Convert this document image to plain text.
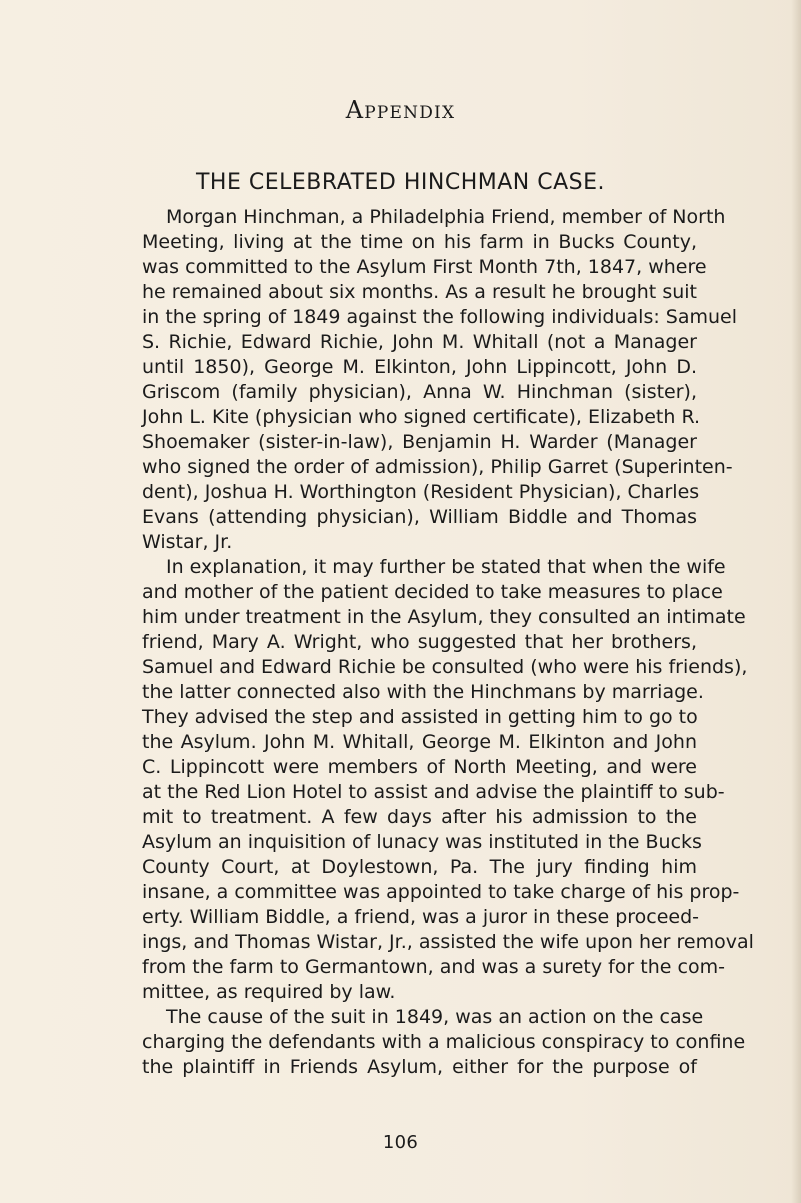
Appendix
THE CELEBRATED HINCHMAN CASE.
Morgan Hinchman, a Philadelphia Friend, member of North
Meeting, living at the time on his farm in Bucks County,
was committed to the Asylum First Month 7th, 1847, where
he remained about six months. As a result he brought suit
in the spring of 1849 against the following individuals: Samuel
S. Richie, Edward Richie, John M. Whitall (not a Manager
until 1850), George M. Elkinton, John Lippincott, John D.
Griscom (family physician), Anna W. Hinchman (sister),
John L. Kite (physician who signed certificate), Elizabeth R.
Shoemaker (sister-in-law), Benjamin H. Warder (Manager
who signed the order of admission), Philip Garret (Superinten-
dent), Joshua H. Worthington (Resident Physician), Charles
Evans (attending physician), William Biddle and Thomas
Wistar, Jr.
In explanation, it may further be stated that when the wife
and mother of the patient decided to take measures to place
him under treatment in the Asylum, they consulted an intimate
friend, Mary A. Wright, who suggested that her brothers,
Samuel and Edward Richie be consulted (who were his friends),
the latter connected also with the Hinchmans by marriage.
They advised the step and assisted in getting him to go to
the Asylum. John M. Whitall, George M. Elkinton and John
C. Lippincott were members of North Meeting, and were
at the Red Lion Hotel to assist and advise the plaintiff to sub-
mit to treatment. A few days after his admission to the
Asylum an inquisition of lunacy was instituted in the Bucks
County Court, at Doylestown, Pa. The jury finding him
insane, a committee was appointed to take charge of his prop-
erty. William Biddle, a friend, was a juror in these proceed-
ings, and Thomas Wistar, Jr., assisted the wife upon her removal
from the farm to Germantown, and was a surety for the com-
mittee, as required by law.
The cause of the suit in 1849, was an action on the case
charging the defendants with a malicious conspiracy to confine
the plaintiff in Friends Asylum, either for the purpose of
106
